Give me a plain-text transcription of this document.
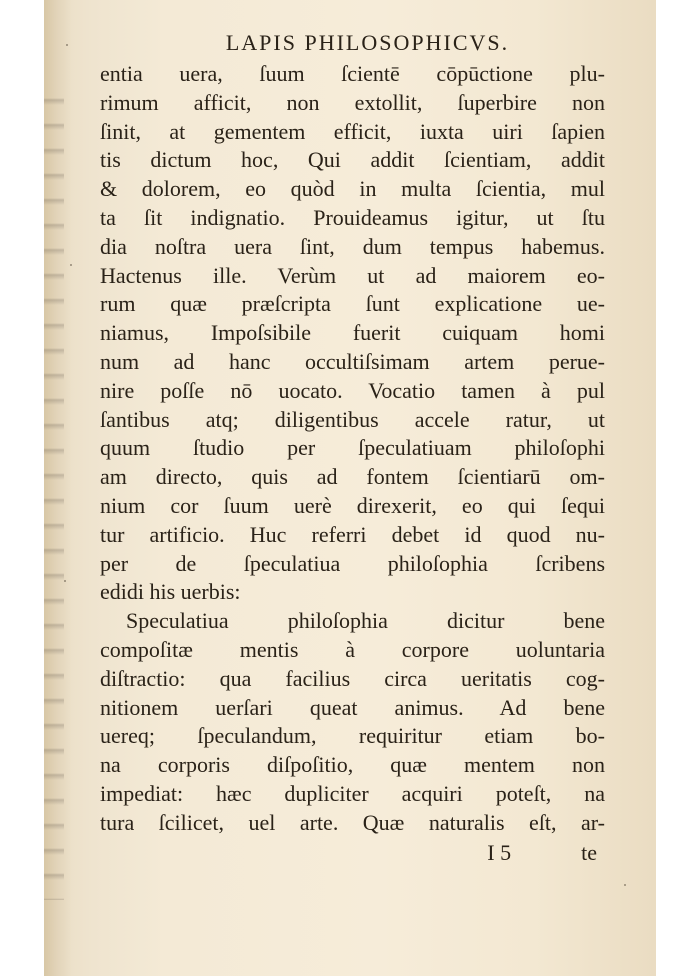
LAPIS PHILOSOPHICVS.
entia uera, ſuum ſcientē cōpūctione plu-
rimum afficit, non extollit, ſuperbire non
ſinit, at gementem efficit, iuxta uiri ſapien
tis dictum hoc, Qui addit ſcientiam, addit
& dolorem, eo quòd in multa ſcientia, mul
ta ſit indignatio. Prouideamus igitur, ut ſtu
dia noſtra uera ſint, dum tempus habemus.
Hactenus ille. Verùm ut ad maiorem eo-
rum quæ præſcripta ſunt explicatione ue-
niamus, Impoſsibile fuerit cuiquam homi
num ad hanc occultiſsimam artem perue-
nire poſſe nō uocato. Vocatio tamen à pul
ſantibus atq; diligentibus accele ratur, ut
quum ſtudio per ſpeculatiuam philoſophi
am directo, quis ad fontem ſcientiarū om-
nium cor ſuum uerè direxerit, eo qui ſequi
tur artificio. Huc referri debet id quod nu-
per de ſpeculatiua philoſophia ſcribens
edidi his uerbis:
Speculatiua philoſophia dicitur bene
compoſitæ mentis à corpore uoluntaria
diſtractio: qua facilius circa ueritatis cog-
nitionem uerſari queat animus. Ad bene
uereq; ſpeculandum, requiritur etiam bo-
na corporis diſpoſitio, quæ mentem non
impediat: hæc dupliciter acquiri poteſt, na
tura ſcilicet, uel arte. Quæ naturalis eſt, ar-
I 5	te
